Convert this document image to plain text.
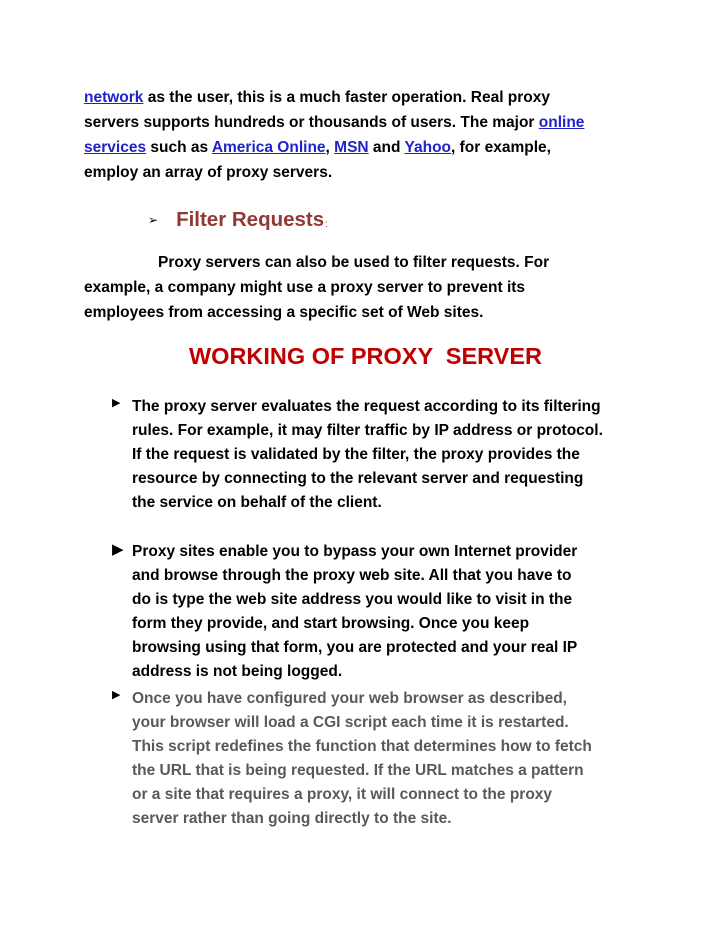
network as the user, this is a much faster operation. Real proxy
servers supports hundreds or thousands of users. The major online
services such as America Online, MSN and Yahoo, for example,
employ an array of proxy servers.
➢ Filter Requests :
Proxy servers can also be used to filter requests. For
example, a company might use a proxy server to prevent its
employees from accessing a specific set of Web sites.
WORKING OF PROXY  SERVER
▶ The proxy server evaluates the request according to its filtering
rules. For example, it may filter traffic by IP address or protocol.
If the request is validated by the filter, the proxy provides the
resource by connecting to the relevant server and requesting
the service on behalf of the client.
▶ Proxy sites enable you to bypass your own Internet provider
and browse through the proxy web site. All that you have to
do is type the web site address you would like to visit in the
form they provide, and start browsing. Once you keep
browsing using that form, you are protected and your real IP
address is not being logged.
▶ Once you have configured your web browser as described,
your browser will load a CGI script each time it is restarted.
This script redefines the function that determines how to fetch
the URL that is being requested. If the URL matches a pattern
or a site that requires a proxy, it will connect to the proxy
server rather than going directly to the site.
